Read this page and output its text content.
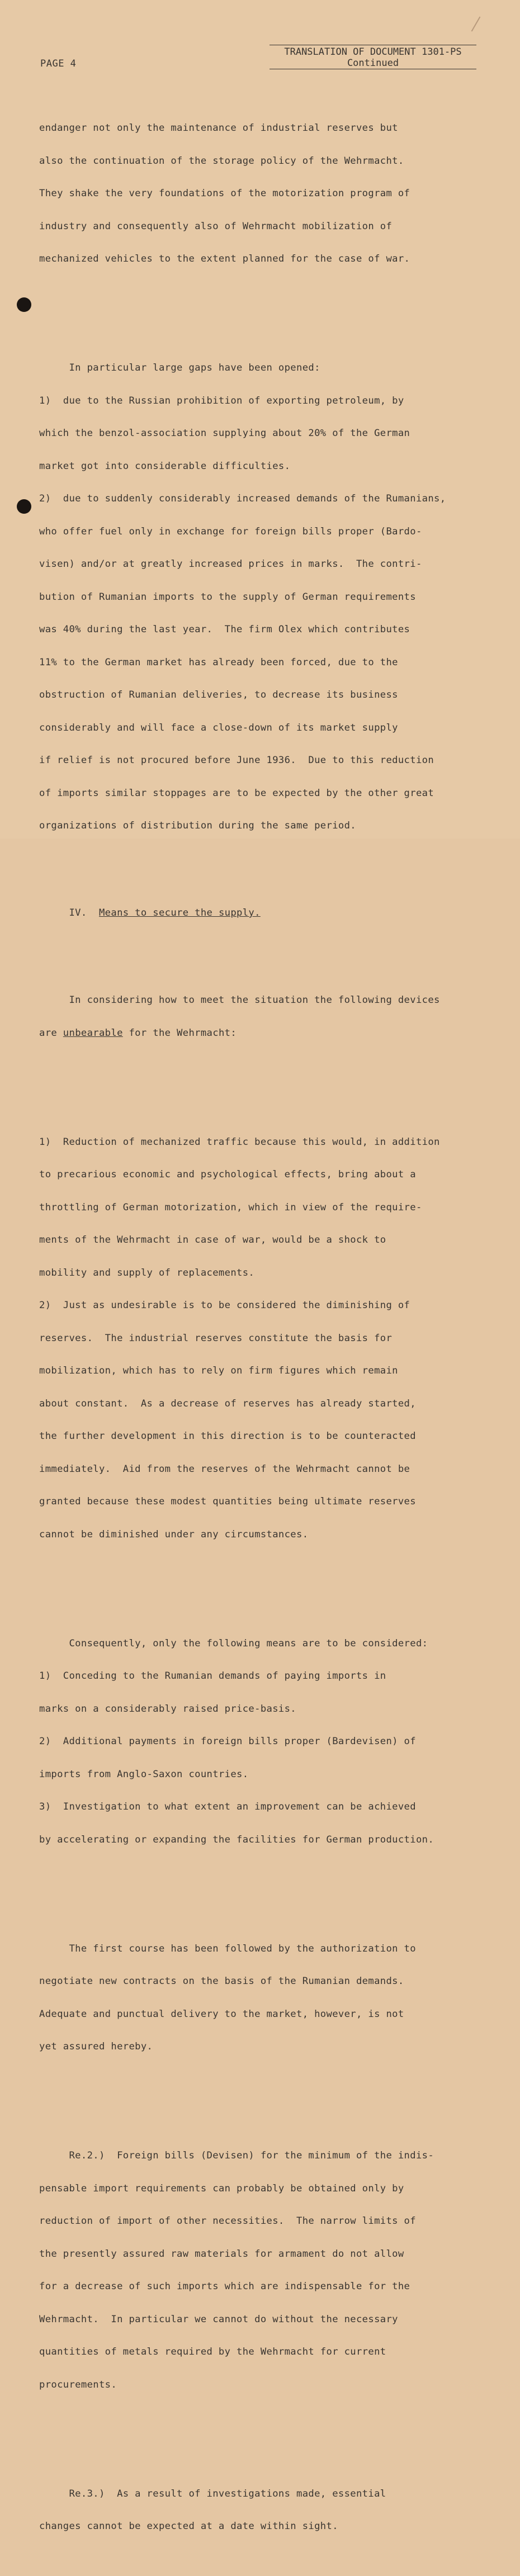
PAGE 4
TRANSLATION OF DOCUMENT 1301-PS
Continued

endanger not only the maintenance of industrial reserves but

also the continuation of the storage policy of the Wehrmacht.

They shake the very foundations of the motorization program of

industry and consequently also of Wehrmacht mobilization of

mechanized vehicles to the extent planned for the case of war.

In particular large gaps have been opened:

1)  due to the Russian prohibition of exporting petroleum, by

which the benzol-association supplying about 20% of the German

market got into considerable difficulties.

2)  due to suddenly considerably increased demands of the Rumanians,

who offer fuel only in exchange for foreign bills proper (Bardo-

visen) and/or at greatly increased prices in marks.  The contri-

bution of Rumanian imports to the supply of German requirements

was 40% during the last year.  The firm Olex which contributes

11% to the German market has already been forced, due to the

obstruction of Rumanian deliveries, to decrease its business

considerably and will face a close-down of its market supply

if relief is not procured before June 1936.  Due to this reduction

of imports similar stoppages are to be expected by the other great

organizations of distribution during the same period.

IV.  Means to secure the supply.

In considering how to meet the situation the following devices

are unbearable for the Wehrmacht:

1)  Reduction of mechanized traffic because this would, in addition

to precarious economic and psychological effects, bring about a

throttling of German motorization, which in view of the require-

ments of the Wehrmacht in case of war, would be a shock to

mobility and supply of replacements.

2)  Just as undesirable is to be considered the diminishing of

reserves.  The industrial reserves constitute the basis for

mobilization, which has to rely on firm figures which remain

about constant.  As a decrease of reserves has already started,

the further development in this direction is to be counteracted

immediately.  Aid from the reserves of the Wehrmacht cannot be

granted because these modest quantities being ultimate reserves

cannot be diminished under any circumstances.

Consequently, only the following means are to be considered:

1)  Conceding to the Rumanian demands of paying imports in

marks on a considerably raised price-basis.

2)  Additional payments in foreign bills proper (Bardevisen) of

imports from Anglo-Saxon countries.

3)  Investigation to what extent an improvement can be achieved

by accelerating or expanding the facilities for German production.

The first course has been followed by the authorization to

negotiate new contracts on the basis of the Rumanian demands.

Adequate and punctual delivery to the market, however, is not

yet assured hereby.

Re.2.)  Foreign bills (Devisen) for the minimum of the indis-

pensable import requirements can probably be obtained only by

reduction of import of other necessities.  The narrow limits of

the presently assured raw materials for armament do not allow

for a decrease of such imports which are indispensable for the

Wehrmacht.  In particular we cannot do without the necessary

quantities of metals required by the Wehrmacht for current

procurements.

Re.3.)  As a result of investigations made, essential

changes cannot be expected at a date within sight.
